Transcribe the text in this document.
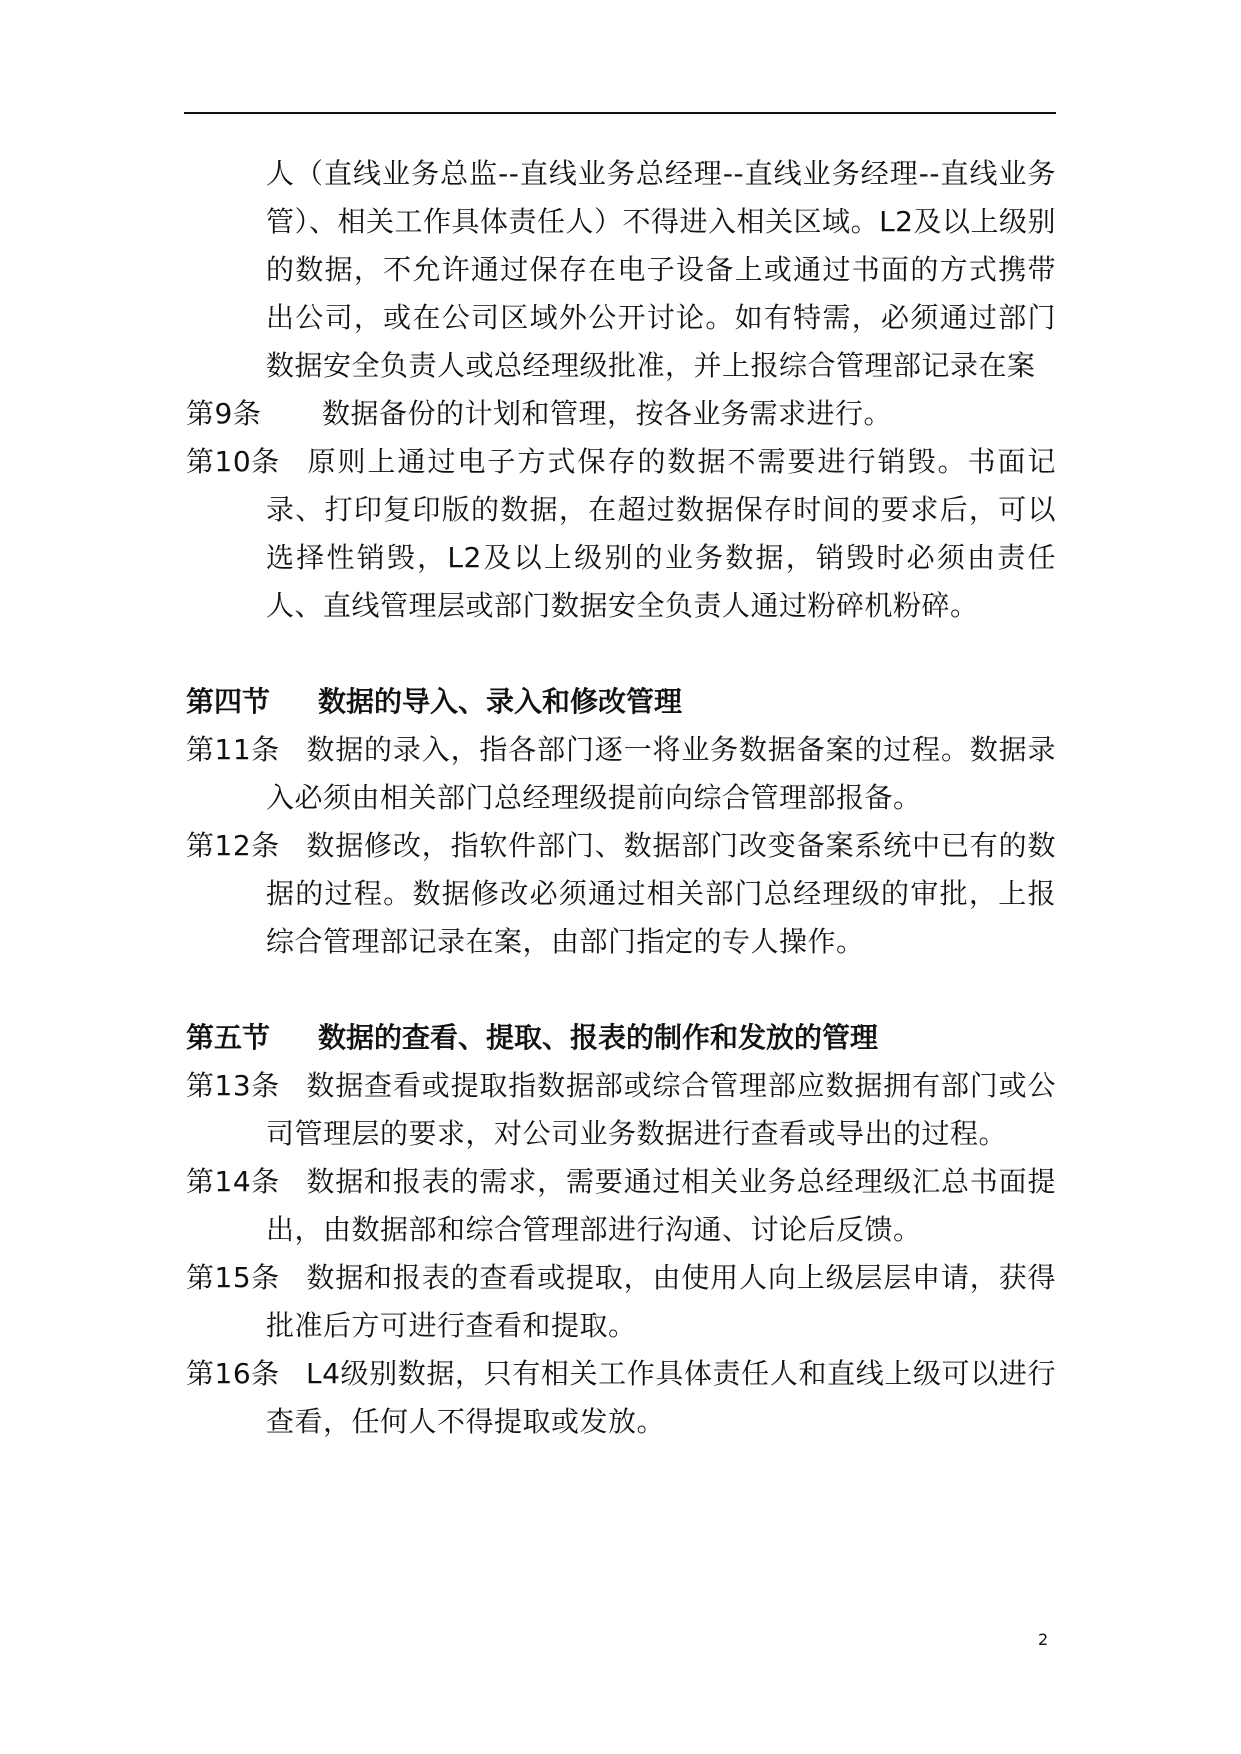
人（直线业务总监--直线业务总经理--直线业务经理--直线业务管）、相关工作具体责任人）不得进入相关区域。L2及以上级别的数据，不允许通过保存在电子设备上或通过书面的方式携带出公司，或在公司区域外公开讨论。如有特需，必须通过部门数据安全负责人或总经理级批准，并上报综合管理部记录在案

第9条 数据备份的计划和管理，按各业务需求进行。

第10条 原则上通过电子方式保存的数据不需要进行销毁。书面记录、打印复印版的数据，在超过数据保存时间的要求后，可以选择性销毁，L2及以上级别的业务数据，销毁时必须由责任人、直线管理层或部门数据安全负责人通过粉碎机粉碎。

第四节 数据的导入、录入和修改管理

第11条 数据的录入，指各部门逐一将业务数据备案的过程。数据录入必须由相关部门总经理级提前向综合管理部报备。

第12条 数据修改，指软件部门、数据部门改变备案系统中已有的数据的过程。数据修改必须通过相关部门总经理级的审批，上报综合管理部记录在案，由部门指定的专人操作。

第五节 数据的查看、提取、报表的制作和发放的管理

第13条 数据查看或提取指数据部或综合管理部应数据拥有部门或公司管理层的要求，对公司业务数据进行查看或导出的过程。

第14条 数据和报表的需求，需要通过相关业务总经理级汇总书面提出，由数据部和综合管理部进行沟通、讨论后反馈。

第15条 数据和报表的查看或提取，由使用人向上级层层申请，获得批准后方可进行查看和提取。

第16条 L4级别数据，只有相关工作具体责任人和直线上级可以进行查看，任何人不得提取或发放。

2
